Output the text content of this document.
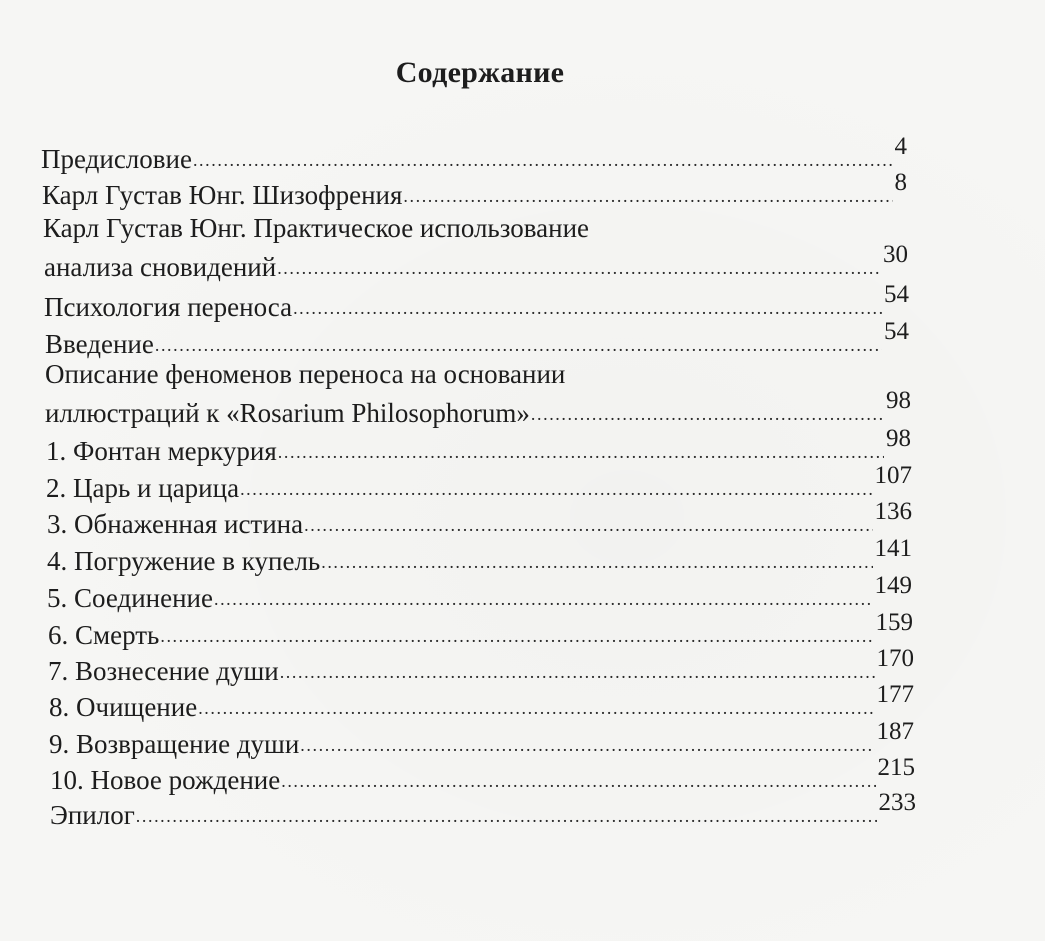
Содержание
Предисловие .....	4
Карл Густав Юнг. Шизофрения .....	8
Карл Густав Юнг. Практическое использование
анализа сновидений .....	30
Психология переноса .....	54
Введение .....	54
Описание феноменов переноса на основании
иллюстраций к «Rosarium Philosophorum» .....	98
1. Фонтан меркурия .....	98
2. Царь и царица .....	107
3. Обнаженная истина .....	136
4. Погружение в купель .....	141
5. Соединение .....	149
6. Смерть .....	159
7. Вознесение души .....	170
8. Очищение .....	177
9. Возвращение души .....	187
10. Новое рождение .....	215
Эпилог .....	233
